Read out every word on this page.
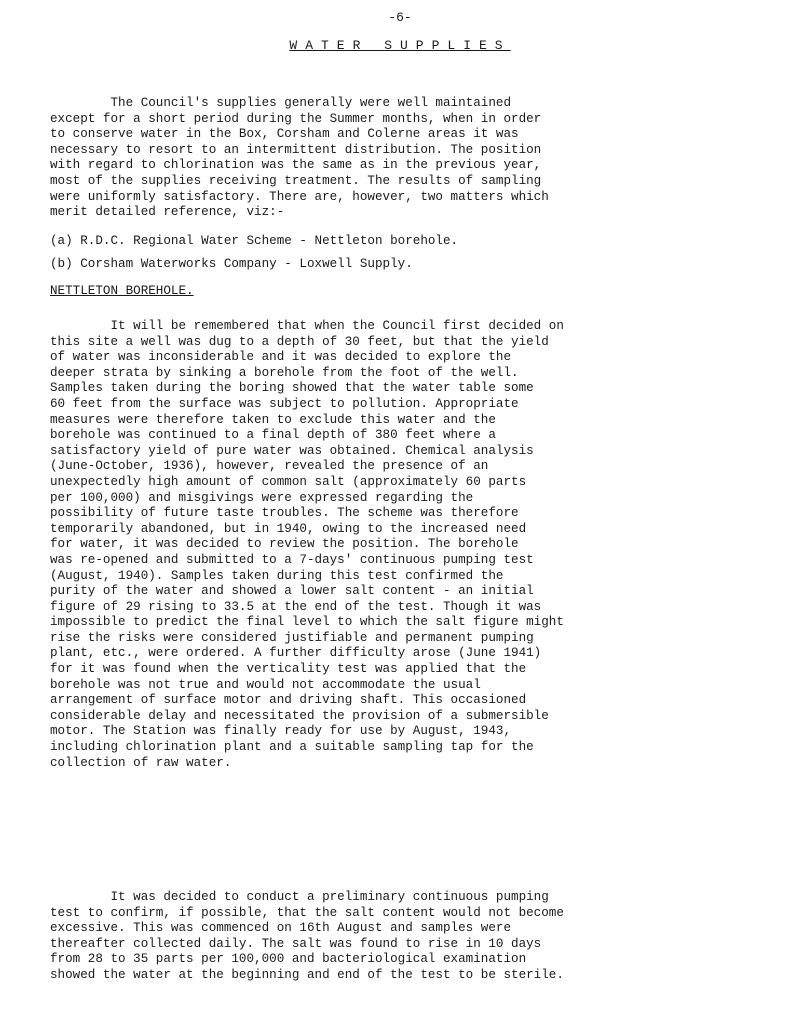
-6-
WATER SUPPLIES
The Council's supplies generally were well maintained
except for a short period during the Summer months, when in order
to conserve water in the Box, Corsham and Colerne areas it was
necessary to resort to an intermittent distribution. The position
with regard to chlorination was the same as in the previous year,
most of the supplies receiving treatment. The results of sampling
were uniformly satisfactory. There are, however, two matters which
merit detailed reference, viz:-
(a) R.D.C. Regional Water Scheme - Nettleton borehole.
(b) Corsham Waterworks Company - Loxwell Supply.
NETTLETON BOREHOLE.
It will be remembered that when the Council first decided on
this site a well was dug to a depth of 30 feet, but that the yield
of water was inconsiderable and it was decided to explore the
deeper strata by sinking a borehole from the foot of the well.
Samples taken during the boring showed that the water table some
60 feet from the surface was subject to pollution. Appropriate
measures were therefore taken to exclude this water and the
borehole was continued to a final depth of 380 feet where a
satisfactory yield of pure water was obtained. Chemical analysis
(June-October, 1936), however, revealed the presence of an
unexpectedly high amount of common salt (approximately 60 parts
per 100,000) and misgivings were expressed regarding the
possibility of future taste troubles. The scheme was therefore
temporarily abandoned, but in 1940, owing to the increased need
for water, it was decided to review the position. The borehole
was re-opened and submitted to a 7-days' continuous pumping test
(August, 1940). Samples taken during this test confirmed the
purity of the water and showed a lower salt content - an initial
figure of 29 rising to 33.5 at the end of the test. Though it was
impossible to predict the final level to which the salt figure might
rise the risks were considered justifiable and permanent pumping
plant, etc., were ordered. A further difficulty arose (June 1941)
for it was found when the verticality test was applied that the
borehole was not true and would not accommodate the usual
arrangement of surface motor and driving shaft. This occasioned
considerable delay and necessitated the provision of a submersible
motor. The Station was finally ready for use by August, 1943,
including chlorination plant and a suitable sampling tap for the
collection of raw water.
It was decided to conduct a preliminary continuous pumping
test to confirm, if possible, that the salt content would not become
excessive. This was commenced on 16th August and samples were
thereafter collected daily. The salt was found to rise in 10 days
from 28 to 35 parts per 100,000 and bacteriological examination
showed the water at the beginning and end of the test to be sterile.
